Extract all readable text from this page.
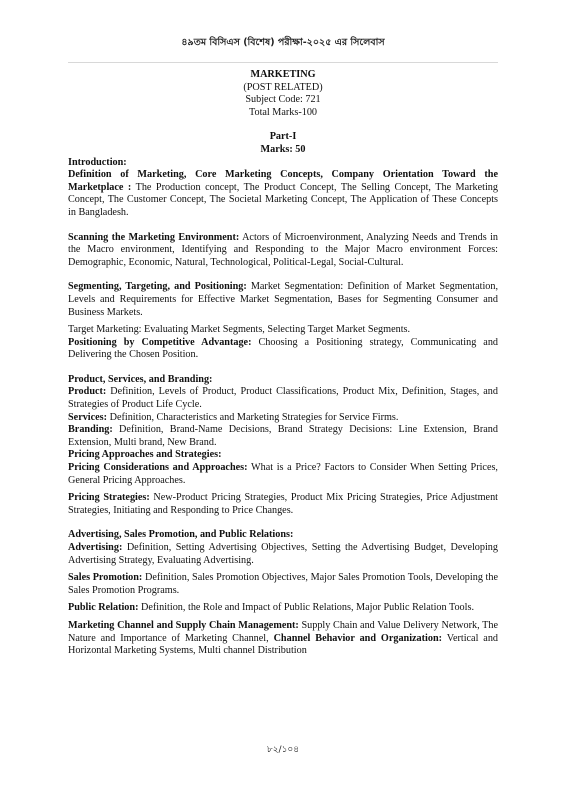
৪৯তম বিসিএস (বিশেষ) পরীক্ষা-২০২৫ এর সিলেবাস
MARKETING
(POST RELATED)
Subject Code: 721
Total Marks-100
Part-I
Marks: 50
Introduction:

Definition of Marketing, Core Marketing Concepts, Company Orientation Toward the Marketplace : The Production concept, The Product Concept, The Selling Concept, The Marketing Concept, The Customer Concept, The Societal Marketing Concept, The Application of These Concepts in Bangladesh.

Scanning the Marketing Environment: Actors of Microenvironment, Analyzing Needs and Trends in the Macro environment, Identifying and Responding to the Major Macro environment Forces: Demographic, Economic, Natural, Technological, Political-Legal, Social-Cultural.

Segmenting, Targeting, and Positioning: Market Segmentation: Definition of Market Segmentation, Levels and Requirements for Effective Market Segmentation, Bases for Segmenting Consumer and Business Markets.

Target Marketing: Evaluating Market Segments, Selecting Target Market Segments.

Positioning by Competitive Advantage: Choosing a Positioning strategy, Communicating and Delivering the Chosen Position.

Product, Services, and Branding:

Product: Definition, Levels of Product, Product Classifications, Product Mix, Definition, Stages, and Strategies of Product Life Cycle.

Services: Definition, Characteristics and Marketing Strategies for Service Firms.

Branding: Definition, Brand-Name Decisions, Brand Strategy Decisions: Line Extension, Brand Extension, Multi brand, New Brand.

Pricing Approaches and Strategies:

Pricing Considerations and Approaches: What is a Price? Factors to Consider When Setting Prices, General Pricing Approaches.

Pricing Strategies: New-Product Pricing Strategies, Product Mix Pricing Strategies, Price Adjustment Strategies, Initiating and Responding to Price Changes.

Advertising, Sales Promotion, and Public Relations:

Advertising: Definition, Setting Advertising Objectives, Setting the Advertising Budget, Developing Advertising Strategy, Evaluating Advertising.

Sales Promotion: Definition, Sales Promotion Objectives, Major Sales Promotion Tools, Developing the Sales Promotion Programs.

Public Relation: Definition, the Role and Impact of Public Relations, Major Public Relation Tools.

Marketing Channel and Supply Chain Management: Supply Chain and Value Delivery Network, The Nature and Importance of Marketing Channel, Channel Behavior and Organization: Vertical and Horizontal Marketing Systems, Multi channel Distribution

৮২/১০৪
